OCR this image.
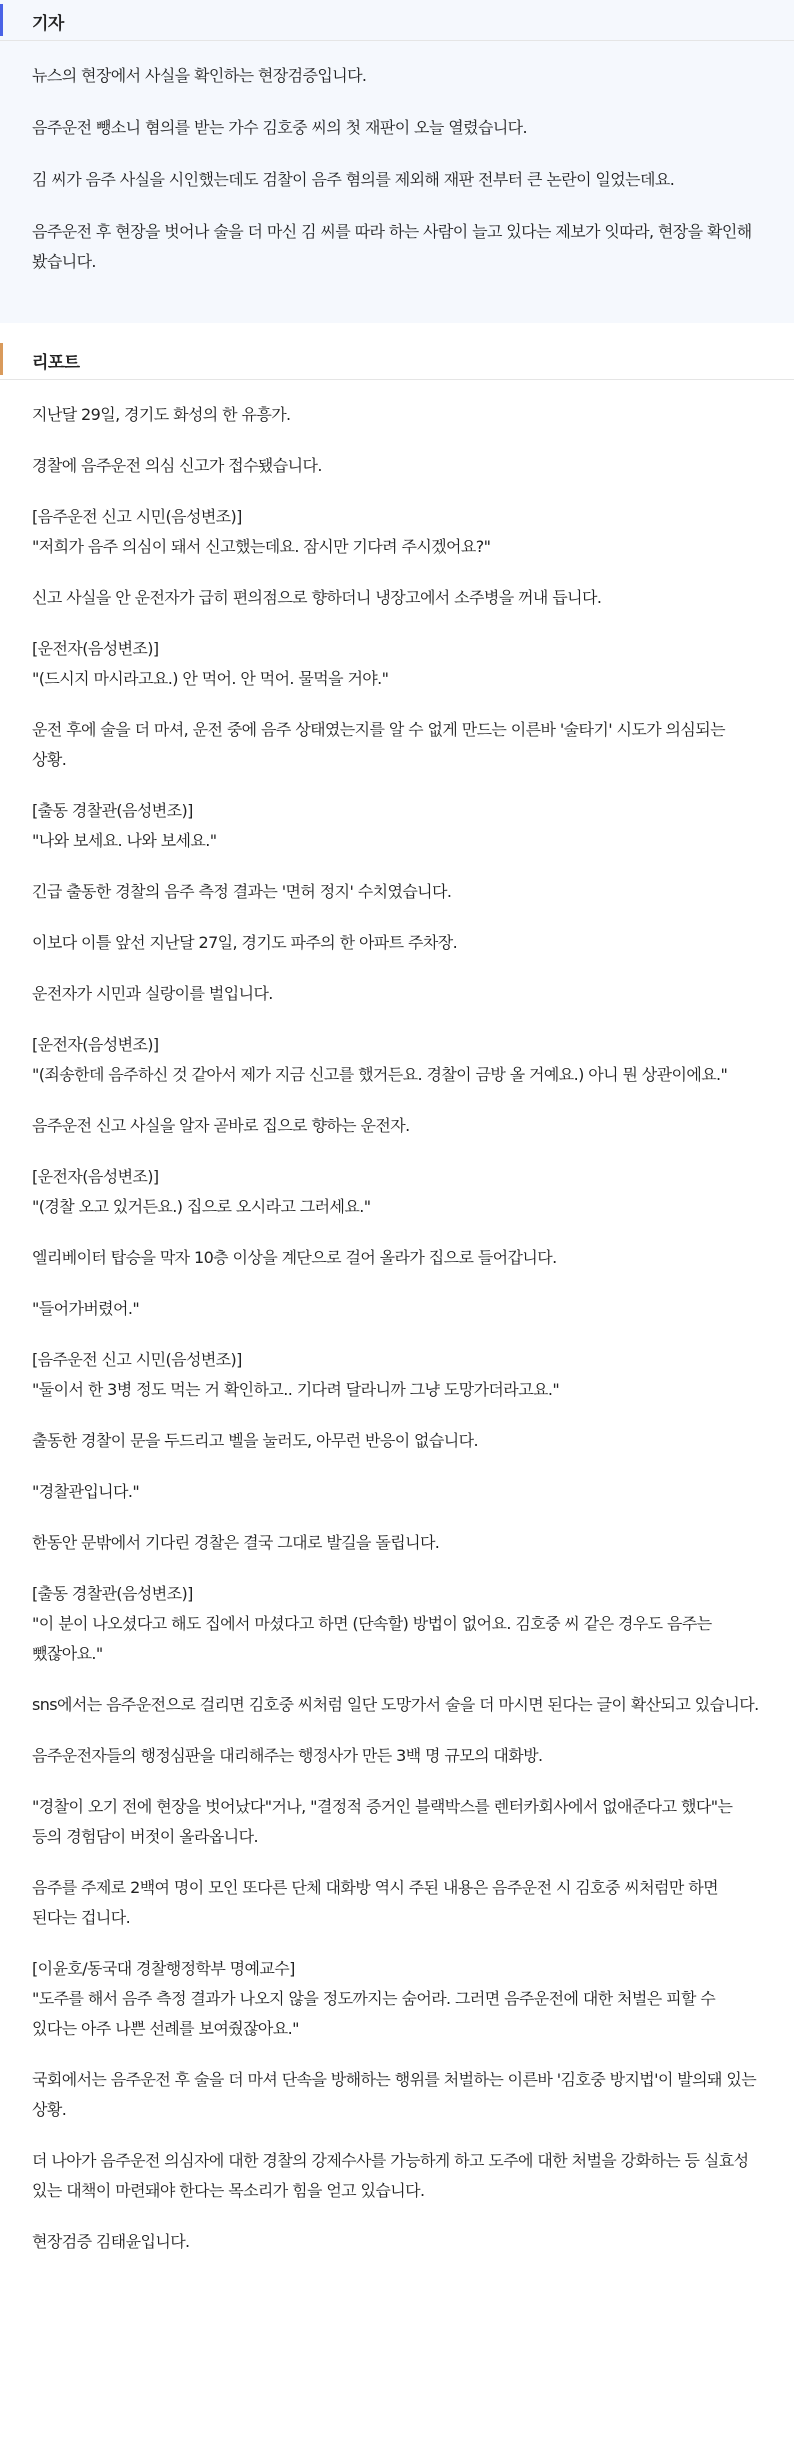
기자

뉴스의 현장에서 사실을 확인하는 현장검증입니다.

음주운전 뺑소니 혐의를 받는 가수 김호중 씨의 첫 재판이 오늘 열렸습니다.

김 씨가 음주 사실을 시인했는데도 검찰이 음주 혐의를 제외해 재판 전부터 큰 논란이 일었는데요.

음주운전 후 현장을 벗어나 술을 더 마신 김 씨를 따라 하는 사람이 늘고 있다는 제보가 잇따라, 현장을 확인해 봤습니다.

리포트

지난달 29일, 경기도 화성의 한 유흥가.

경찰에 음주운전 의심 신고가 접수됐습니다.

[음주운전 신고 시민(음성변조)]
"저희가 음주 의심이 돼서 신고했는데요. 잠시만 기다려 주시겠어요?"

신고 사실을 안 운전자가 급히 편의점으로 향하더니 냉장고에서 소주병을 꺼내 듭니다.

[운전자(음성변조)]
"(드시지 마시라고요.) 안 먹어. 안 먹어. 물먹을 거야."

운전 후에 술을 더 마셔, 운전 중에 음주 상태였는지를 알 수 없게 만드는 이른바 '술타기' 시도가 의심되는 상황.

[출동 경찰관(음성변조)]
"나와 보세요. 나와 보세요."

긴급 출동한 경찰의 음주 측정 결과는 '면허 정지' 수치였습니다.

이보다 이틀 앞선 지난달 27일, 경기도 파주의 한 아파트 주차장.

운전자가 시민과 실랑이를 벌입니다.

[운전자(음성변조)]
"(죄송한데 음주하신 것 같아서 제가 지금 신고를 했거든요. 경찰이 금방 올 거예요.) 아니 뭔 상관이에요."

음주운전 신고 사실을 알자 곧바로 집으로 향하는 운전자.

[운전자(음성변조)]
"(경찰 오고 있거든요.) 집으로 오시라고 그러세요."

엘리베이터 탑승을 막자 10층 이상을 계단으로 걸어 올라가 집으로 들어갑니다.

"들어가버렸어."

[음주운전 신고 시민(음성변조)]
"둘이서 한 3병 정도 먹는 거 확인하고.. 기다려 달라니까 그냥 도망가더라고요."

출동한 경찰이 문을 두드리고 벨을 눌러도, 아무런 반응이 없습니다.

"경찰관입니다."

한동안 문밖에서 기다린 경찰은 결국 그대로 발길을 돌립니다.

[출동 경찰관(음성변조)]
"이 분이 나오셨다고 해도 집에서 마셨다고 하면 (단속할) 방법이 없어요. 김호중 씨 같은 경우도 음주는 뺐잖아요."

sns에서는 음주운전으로 걸리면 김호중 씨처럼 일단 도망가서 술을 더 마시면 된다는 글이 확산되고 있습니다.

음주운전자들의 행정심판을 대리해주는 행정사가 만든 3백 명 규모의 대화방.

"경찰이 오기 전에 현장을 벗어났다"거나, "결정적 증거인 블랙박스를 렌터카회사에서 없애준다고 했다"는 등의 경험담이 버젓이 올라옵니다.

음주를 주제로 2백여 명이 모인 또다른 단체 대화방 역시 주된 내용은 음주운전 시 김호중 씨처럼만 하면 된다는 겁니다.

[이윤호/동국대 경찰행정학부 명예교수]
"도주를 해서 음주 측정 결과가 나오지 않을 정도까지는 숨어라. 그러면 음주운전에 대한 처벌은 피할 수 있다는 아주 나쁜 선례를 보여줬잖아요."

국회에서는 음주운전 후 술을 더 마셔 단속을 방해하는 행위를 처벌하는 이른바 '김호중 방지법'이 발의돼 있는 상황.

더 나아가 음주운전 의심자에 대한 경찰의 강제수사를 가능하게 하고 도주에 대한 처벌을 강화하는 등 실효성 있는 대책이 마련돼야 한다는 목소리가 힘을 얻고 있습니다.

현장검증 김태윤입니다.
